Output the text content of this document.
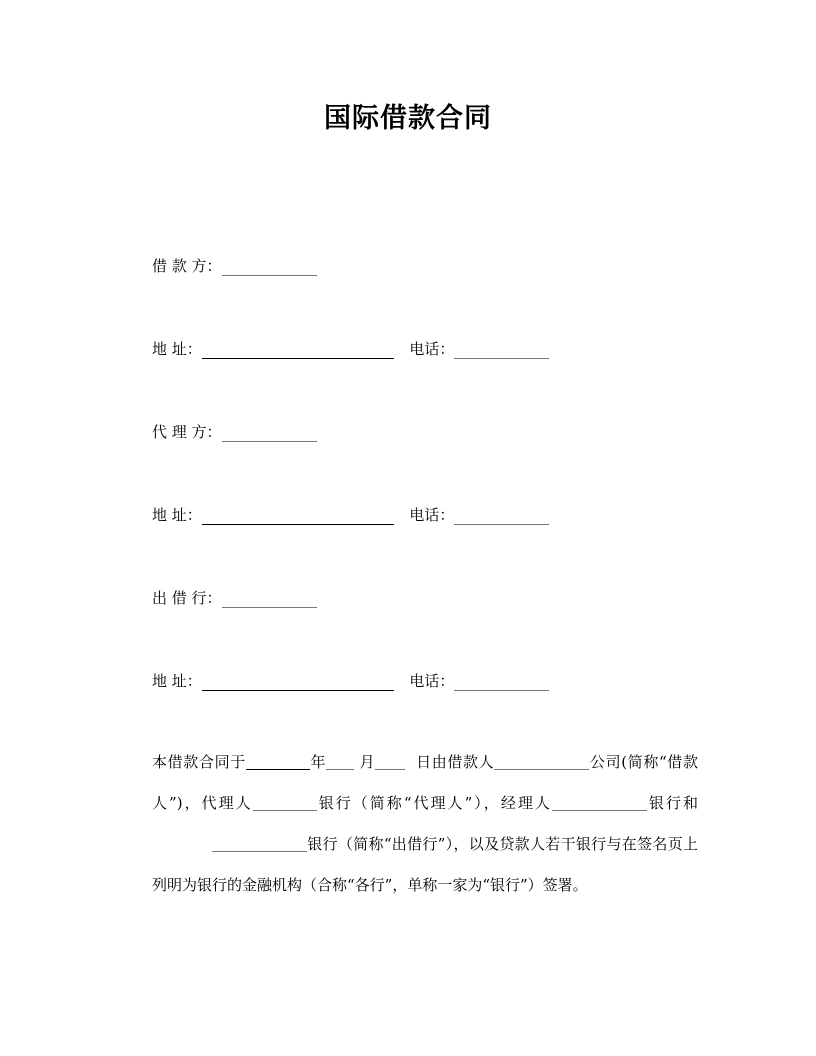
国际借款合同
借 款 方：
地 址：	电话：
代 理 方：
地 址：	电话：
出 借 行：
地 址：	电话：

本借款合同于	年 月	日由借款人	公司(简称“借款人”)，代理人	银行（简称“代理人”），经理人	银行和银行（简称“出借行”），以及贷款人若干银行与在签名页上列明为银行的金融机构（合称“各行”，单称一家为“银行”）签署。
